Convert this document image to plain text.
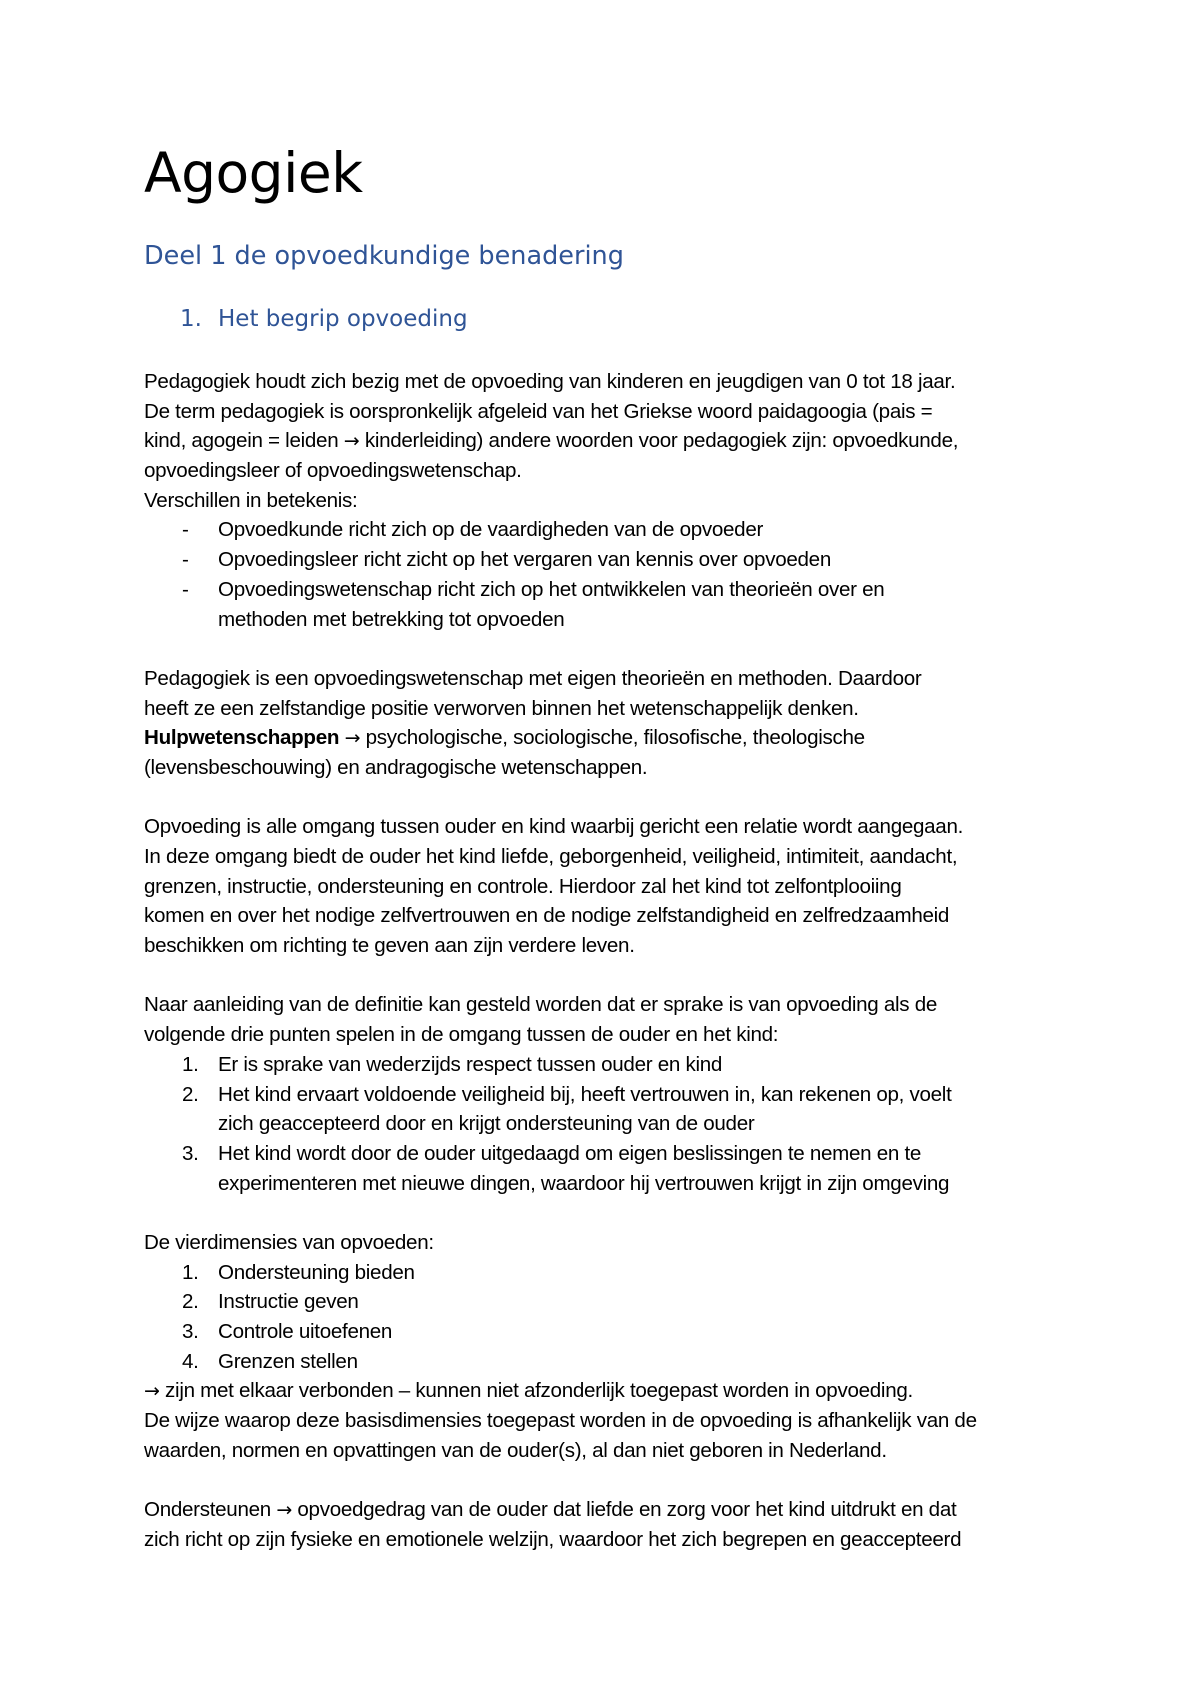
Agogiek
Deel 1 de opvoedkundige benadering
1. Het begrip opvoeding
Pedagogiek houdt zich bezig met de opvoeding van kinderen en jeugdigen van 0 tot 18 jaar.
De term pedagogiek is oorspronkelijk afgeleid van het Griekse woord paidagoogia (pais =
kind, agogein = leiden → kinderleiding) andere woorden voor pedagogiek zijn: opvoedkunde,
opvoedingsleer of opvoedingswetenschap.
Verschillen in betekenis:
- Opvoedkunde richt zich op de vaardigheden van de opvoeder
- Opvoedingsleer richt zicht op het vergaren van kennis over opvoeden
- Opvoedingswetenschap richt zich op het ontwikkelen van theorieën over en
methoden met betrekking tot opvoeden
Pedagogiek is een opvoedingswetenschap met eigen theorieën en methoden. Daardoor
heeft ze een zelfstandige positie verworven binnen het wetenschappelijk denken.
Hulpwetenschappen → psychologische, sociologische, filosofische, theologische
(levensbeschouwing) en andragogische wetenschappen.
Opvoeding is alle omgang tussen ouder en kind waarbij gericht een relatie wordt aangegaan.
In deze omgang biedt de ouder het kind liefde, geborgenheid, veiligheid, intimiteit, aandacht,
grenzen, instructie, ondersteuning en controle. Hierdoor zal het kind tot zelfontplooiing
komen en over het nodige zelfvertrouwen en de nodige zelfstandigheid en zelfredzaamheid
beschikken om richting te geven aan zijn verdere leven.
Naar aanleiding van de definitie kan gesteld worden dat er sprake is van opvoeding als de
volgende drie punten spelen in de omgang tussen de ouder en het kind:
1. Er is sprake van wederzijds respect tussen ouder en kind
2. Het kind ervaart voldoende veiligheid bij, heeft vertrouwen in, kan rekenen op, voelt
zich geaccepteerd door en krijgt ondersteuning van de ouder
3. Het kind wordt door de ouder uitgedaagd om eigen beslissingen te nemen en te
experimenteren met nieuwe dingen, waardoor hij vertrouwen krijgt in zijn omgeving
De vierdimensies van opvoeden:
1. Ondersteuning bieden
2. Instructie geven
3. Controle uitoefenen
4. Grenzen stellen
→ zijn met elkaar verbonden – kunnen niet afzonderlijk toegepast worden in opvoeding.
De wijze waarop deze basisdimensies toegepast worden in de opvoeding is afhankelijk van de
waarden, normen en opvattingen van de ouder(s), al dan niet geboren in Nederland.
Ondersteunen → opvoedgedrag van de ouder dat liefde en zorg voor het kind uitdrukt en dat
zich richt op zijn fysieke en emotionele welzijn, waardoor het zich begrepen en geaccepteerd
